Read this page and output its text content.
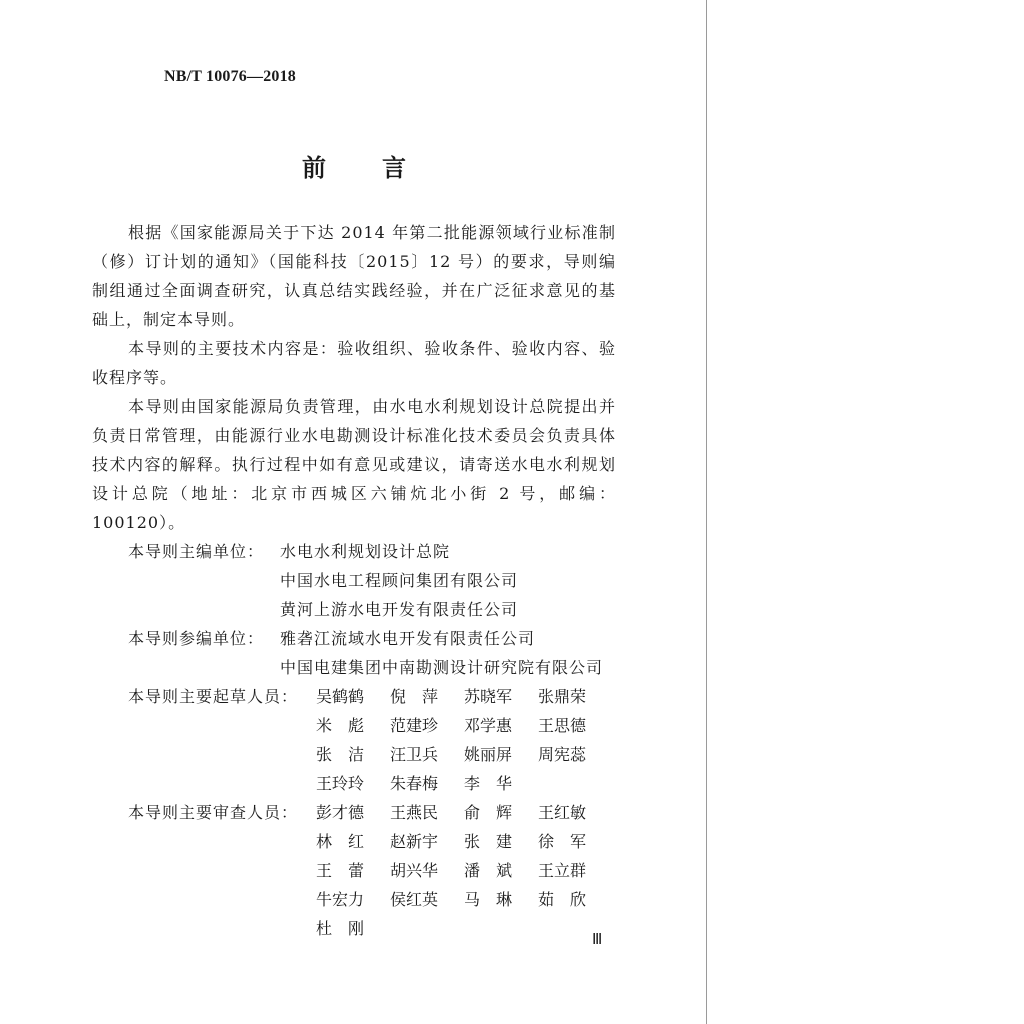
NB/T 10076—2018
前 言

根据《国家能源局关于下达 2014 年第二批能源领域行业标准制（修）订计划的通知》（国能科技〔2015〕12 号）的要求，导则编制组通过全面调查研究，认真总结实践经验，并在广泛征求意见的基础上，制定本导则。

本导则的主要技术内容是：验收组织、验收条件、验收内容、验收程序等。

本导则由国家能源局负责管理，由水电水利规划设计总院提出并负责日常管理，由能源行业水电勘测设计标准化技术委员会负责具体技术内容的解释。执行过程中如有意见或建议，请寄送水电水利规划设计总院（地址：北京市西城区六铺炕北小街 2 号，邮编：100120）。

本导则主编单位： 水电水利规划设计总院
中国水电工程顾问集团有限公司
黄河上游水电开发有限责任公司
本导则参编单位： 雅砻江流域水电开发有限责任公司
中国电建集团中南勘测设计研究院有限公司
本导则主要起草人员：	吴鹤鹤	倪　萍	苏晓军	张鼎荣
米　彪	范建珍	邓学惠	王思德
张　洁	汪卫兵	姚丽屏	周宪蕊
王玲玲	朱春梅	李　华
本导则主要审查人员：	彭才德	王燕民	俞　辉	王红敏
林　红	赵新宇	张　建	徐　军
王　蕾	胡兴华	潘　斌	王立群
牛宏力	侯红英	马　琳	茹　欣
杜　刚
Ⅲ
